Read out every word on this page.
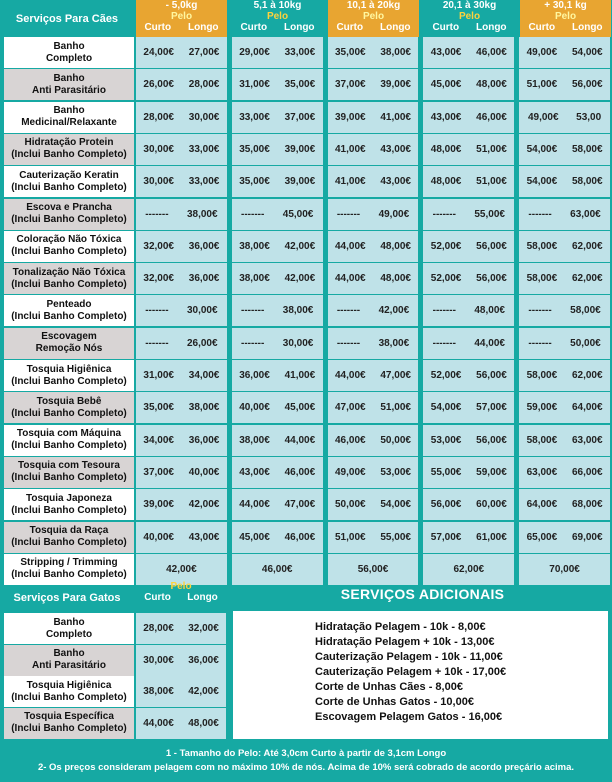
Serviços Para Cães
- 5,0kg
Pelo
Curto Longo
5,1 à 10kg
Pelo
Curto Longo
10,1 à 20kg
Pelo
Curto Longo
20,1 à 30kg
Pelo
Curto Longo
+ 30,1 kg
Pelo
Curto Longo
Banho
Completo	24,00€ 27,00€ 29,00€ 33,00€ 35,00€ 38,00€ 43,00€ 46,00€ 49,00€ 54,00€
Banho
Anti Parasitário	26,00€ 28,00€ 31,00€ 35,00€ 37,00€ 39,00€ 45,00€ 48,00€ 51,00€ 56,00€
Banho
Medicinal/Relaxante	28,00€ 30,00€ 33,00€ 37,00€ 39,00€ 41,00€ 43,00€ 46,00€ 49,00€ 53,00
Hidratação Protein
(Inclui Banho Completo) 30,00€ 33,00€ 35,00€ 39,00€ 41,00€ 43,00€ 48,00€ 51,00€ 54,00€ 58,00€
Cauterização Keratin
(Inclui Banho Completo) 30,00€ 33,00€ 35,00€ 39,00€ 41,00€ 43,00€ 48,00€ 51,00€ 54,00€ 58,00€
Escova e Prancha
(Inclui Banho Completo) ------- 38,00€ ------- 45,00€ ------- 49,00€ ------- 55,00€ ------- 63,00€
Coloração Não Tóxica
(Inclui Banho Completo) 32,00€ 36,00€ 38,00€ 42,00€ 44,00€ 48,00€ 52,00€ 56,00€ 58,00€ 62,00€
Tonalização Não Tóxica
(Inclui Banho Completo) 32,00€ 36,00€ 38,00€ 42,00€ 44,00€ 48,00€ 52,00€ 56,00€ 58,00€ 62,00€
Penteado
(Inclui Banho Completo) ------- 30,00€ ------- 38,00€ ------- 42,00€ ------- 48,00€ ------- 58,00€
Escovagem
Remoção Nós	------- 26,00€ ------- 30,00€ ------- 38,00€ ------- 44,00€ ------- 50,00€
Tosquia Higiênica
(Inclui Banho Completo) 31,00€ 34,00€ 36,00€ 41,00€ 44,00€ 47,00€ 52,00€ 56,00€ 58,00€ 62,00€
Tosquia Bebê
(Inclui Banho Completo) 35,00€ 38,00€ 40,00€ 45,00€ 47,00€ 51,00€ 54,00€ 57,00€ 59,00€ 64,00€
Tosquia com Máquina
(Inclui Banho Completo) 34,00€ 36,00€ 38,00€ 44,00€ 46,00€ 50,00€ 53,00€ 56,00€ 58,00€ 63,00€
Tosquia com Tesoura
(Inclui Banho Completo) 37,00€ 40,00€ 43,00€ 46,00€ 49,00€ 53,00€ 55,00€ 59,00€ 63,00€ 66,00€
Tosquia Japoneza
(Inclui Banho Completo) 39,00€ 42,00€ 44,00€ 47,00€ 50,00€ 54,00€ 56,00€ 60,00€ 64,00€ 68,00€
Tosquia da Raça
(Inclui Banho Completo) 40,00€ 43,00€ 45,00€ 46,00€ 51,00€ 55,00€ 57,00€ 61,00€ 65,00€ 69,00€
Stripping / Trimming
(Inclui Banho Completo)	42,00€	46,00€	56,00€	62,00€	70,00€
Serviços Para Gatos
Pelo
Curto Longo
Banho
Completo	28,00€ 32,00€
Banho
Anti Parasitário	30,00€ 36,00€
Tosquia Higiênica
(Inclui Banho Completo) 38,00€ 42,00€
Tosquia Específica
(Inclui Banho Completo) 44,00€ 48,00€
SERVIÇOS ADICIONAIS
Hidratação Pelagem - 10k - 8,00€
Hidratação Pelagem + 10k - 13,00€
Cauterização Pelagem - 10k - 11,00€
Cauterização Pelagem + 10k - 17,00€
Corte de Unhas Cães - 8,00€
Corte de Unhas Gatos - 10,00€
Escovagem Pelagem Gatos - 16,00€
1 - Tamanho do Pelo: Até 3,0cm Curto à partir de 3,1cm Longo
2- Os preços consideram pelagem com no máximo 10% de nós. Acima de 10% será cobrado de acordo preçário acima.
